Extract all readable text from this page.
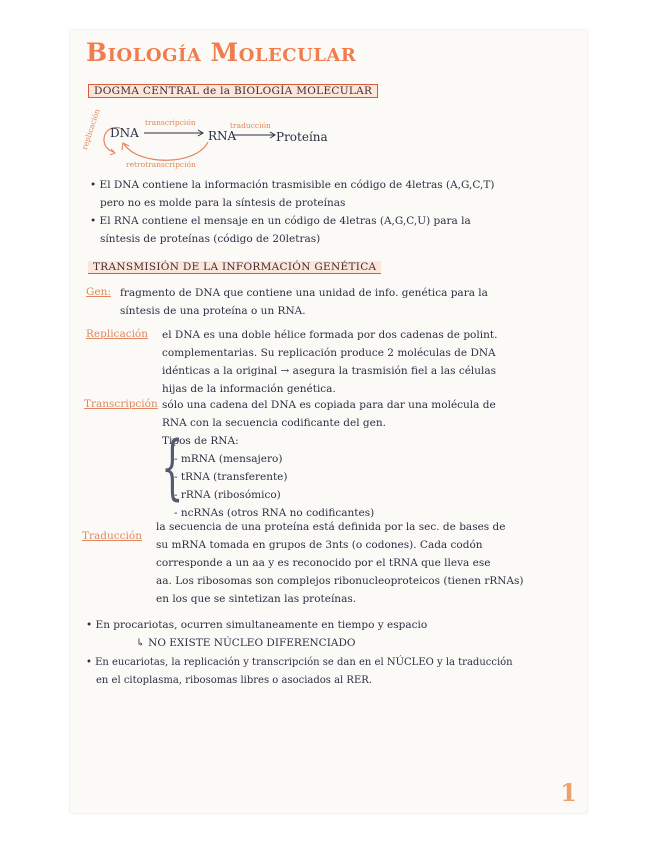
Biología Molecular
DOGMA CENTRAL de la BIOLOGÍA MOLECULAR
replicación DNA
transcripción
RNA
traducción
Proteína
retrotranscripción
• El DNA contiene la información trasmisible en código de 4letras (A,G,C,T)
pero no es molde para la síntesis de proteínas
• El RNA contiene el mensaje en un código de 4letras (A,G,C,U) para la
síntesis de proteínas (código de 20letras)
TRANSMISIÓN DE LA INFORMACIÓN GENÉTICA
Gen: fragmento de DNA que contiene una unidad de info. genética para la
síntesis de una proteína o un RNA.
Replicación el DNA es una doble hélice formada por dos cadenas de polint.
complementarias. Su replicación produce 2 moléculas de DNA
idénticas a la original → asegura la trasmisión fiel a las células
hijas de la información genética.
Transcripción sólo una cadena del DNA es copiada para dar una molécula de
RNA con la secuencia codificante del gen.
Tipos de RNA:
{
- mRNA (mensajero)
- tRNA (transferente)
- rRNA (ribosómico)
- ncRNAs (otros RNA no codificantes)
Traducción
la secuencia de una proteína está definida por la sec. de bases de
su mRNA tomada en grupos de 3nts (o codones). Cada codón
corresponde a un aa y es reconocido por el tRNA que lleva ese
aa. Los ribosomas son complejos ribonucleoproteicos (tienen rRNAs)
en los que se sintetizan las proteínas.
• En procariotas, ocurren simultaneamente en tiempo y espacio
↳ NO EXISTE NÚCLEO DIFERENCIADO
• En eucariotas, la replicación y transcripción se dan en el NÚCLEO y la traducción
en el citoplasma, ribosomas libres o asociados al RER.
1
